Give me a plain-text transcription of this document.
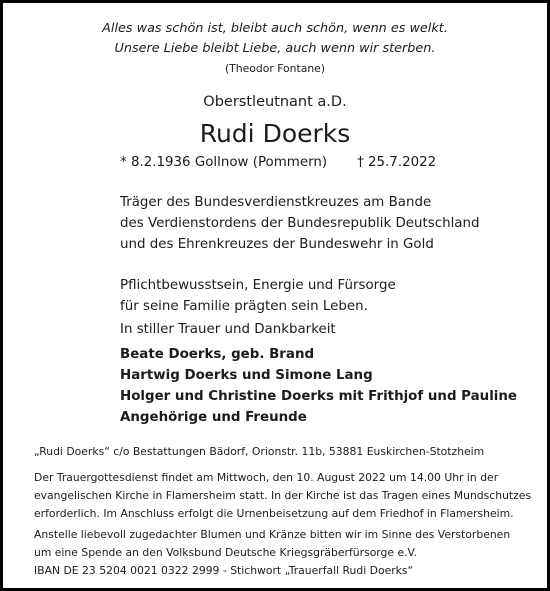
Alles was schön ist, bleibt auch schön, wenn es welkt.
Unsere Liebe bleibt Liebe, auch wenn wir sterben.
(Theodor Fontane)
Oberstleutnant a.D.
Rudi Doerks
* 8.2.1936 Gollnow (Pommern) † 25.7.2022
Träger des Bundesverdienstkreuzes am Bande
des Verdienstordens der Bundesrepublik Deutschland
und des Ehrenkreuzes der Bundeswehr in Gold
Pflichtbewusstsein, Energie und Fürsorge
für seine Familie prägten sein Leben.
In stiller Trauer und Dankbarkeit
Beate Doerks, geb. Brand
Hartwig Doerks und Simone Lang
Holger und Christine Doerks mit Frithjof und Pauline
Angehörige und Freunde
„Rudi Doerks“ c/o Bestattungen Bädorf, Orionstr. 11b, 53881 Euskirchen-Stotzheim
Der Trauergottesdienst findet am Mittwoch, den 10. August 2022 um 14.00 Uhr in der
evangelischen Kirche in Flamersheim statt. In der Kirche ist das Tragen eines Mundschutzes
erforderlich. Im Anschluss erfolgt die Urnenbeisetzung auf dem Friedhof in Flamersheim.
Anstelle liebevoll zugedachter Blumen und Kränze bitten wir im Sinne des Verstorbenen
um eine Spende an den Volksbund Deutsche Kriegsgräberfürsorge e.V.
IBAN DE 23 5204 0021 0322 2999 - Stichwort „Trauerfall Rudi Doerks“
